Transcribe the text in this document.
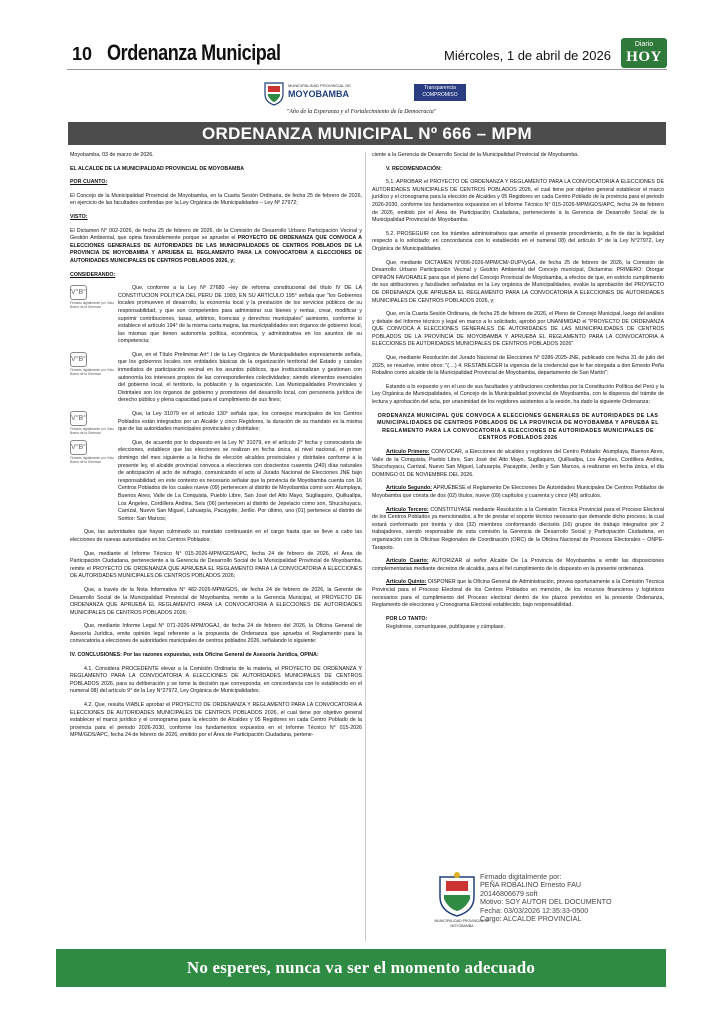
10 Ordenanza Municipal	Miércoles, 1 de abril de 2026
Diario
HOY
MUNICIPALIDAD PROVINCIAL DE
MOYOBAMBA
Transparencia
COMPROMISO
"Año de la Esperanza y el Fortalecimiento de la Democracia"
ORDENANZA MUNICIPAL Nº 666 – MPM

Moyobamba, 03 de marzo de 2026.

EL ALCALDE DE LA MUNICIPALIDAD PROVINCIAL DE MOYOBAMBA

POR CUANTO:

El Concejo de la Municipalidad Provincial de Moyobamba, en la Cuarta Sesión Ordinaria, de fecha 25 de febrero de 2026, en ejercicio de las facultades conferidas por la Ley Orgánica de Municipalidades – Ley Nº 27972;

VISTO:

El Dictamen N° 002-2026, de fecha 25 de febrero de 2026, de la Comisión de Desarrollo Urbano Participación Vecinal y Gestión Ambiental, que opina favorablemente porque se apruebe el PROYECTO DE ORDENANZA QUE CONVOCA A ELECCIONES GENERALES DE AUTORIDADES DE LAS MUNICIPALIDADES DE CENTROS POBLADOS DE LA PROVINCIA DE MOYOBAMBA Y APRUEBA EL REGLAMENTO PARA LA CONVOCATORIA A ELECCIONES DE AUTORIDADES MUNICIPALES DE CENTROS POBLADOS 2026, y;

CONSIDERANDO:

V°B°
Firmado digitalmente por Visto Bueno de la Gerencia
Que, conforme a la Ley Nº 27680 –ley de reforma constitucional del título IV DE LA CONSTITUCION POLITICA DEL PERU DE 1993, EN SU ARTICULO 195° señala que "los Gobiernos locales promueven el desarrollo, la economía local y la prestación de los servicios públicos de su responsabilidad, y que son competentes para administrar sus bienes y rentas, crear, modificar y suprimir contribuciones, tasas, arbitrios, licencias y derechos municipales" asimismo, conforme lo establece el artículo 194° de la misma carta magna, las municipalidades son órganos de gobierno local, las mismas que tienen autonomía política, económica, y administrativa en los asuntos de su competencia;

V°B°
Firmado digitalmente por Visto Bueno de la Gerencia
Que, en el Título Preliminar Art° I de la Ley Orgánica de Municipalidades expresamente señala, que los gobiernos locales son entidades básicas de la organización territorial del Estado y canales inmediatos de participación vecinal en los asuntos públicos, que institucionalizan y gestionan con autonomía los intereses propios de las correspondientes colectividades; siendo elementos esenciales del gobierno local, el territorio, la población y la organización. Las Municipalidades Provinciales y Distritales son los órganos de gobierno y promotores del desarrollo local, con personería jurídica de derecho público y plena capacidad para el cumplimiento de sus fines;

V°B°
Firmado digitalmente por Visto Bueno de la Gerencia
Que, la Ley 31079 en el artículo 130° señala que, los consejos municipales de los Centros Poblados están integrados por un Alcalde y cinco Regidores, la duración de su mandato es la misma que de las autoridades municipales provinciales y distritales;

V°B°
Firmado digitalmente por Visto Bueno de la Gerencia
Que, de acuerdo por lo dispuesto en la Ley N° 31079, en el artículo 2° fecha y convocatoria de elecciones, establece que las elecciones se realizan en fecha única, al nivel nacional, el primer domingo del mes siguiente a la fecha de elección alcaldes provinciales y distritales conforme a la presente ley, el alcalde provincial convoca a elecciones con doscientos cuarenta (240) días naturales de anticipación al acto de sufragio, comunicando el acto al Jurado Nacional de Elecciones JNE bajo responsabilidad; en este contexto es necesario señalar que la provincia de Moyobamba cuenta con 16 Centros Poblados de los cuales nueve (09) pertenecen al distrito de Moyobamba como son: Atumplaya, Buenos Aires, Valle de La Conquista, Pueblo Libre, San José del Alto Mayo, Sugllaquiro, Quilluallpa, Los Ángeles, Cordillera Andina. Seis (06) pertenecen al distrito de Jepelacio como son, Shucshuyacu, Carrizal, Nuevo San Miguel, Lahuarpía, Pacaypite, Jerillo. Por último, uno (01) pertenece al distrito de Soritor: San Marcos;

Que, las autoridades que hayan culminado su mandato continuarán en el cargo hasta que se lleve a cabo las elecciones de nuevas autoridades en los Centros Poblados;

Que, mediante el Informe Técnico N° 015-2026-MPM/GDS/APC, fecha 24 de febrero de 2026, el Área de Participación Ciudadana, perteneciente a la Gerencia de Desarrollo Social de la Municipalidad Provincial de Moyobamba, remite el PROYECTO DE ORDENANZA QUE APRUEBA EL REGLAMENTO PARA LA CONVOCATORIA A ELECCIONES DE AUTORIDADES MUNICIPALES DE CENTROS POBLADOS 2026;

Que, a través de la Nota Informativa N° 482-2026-MPM/GDS, de fecha 24 de febrero de 2026, la Gerente de Desarrollo Social de la Municipalidad Provincial de Moyobamba, remite a la Gerencia Municipal, el PROYECTO DE ORDENANZA QUE APRUEBA EL REGLAMENTO PARA LA CONVOCATORIA A ELECCIONES DE AUTORIDADES MUNICIPALES DE CENTROS POBLADOS 2026;

Que, mediante Informe Legal N° 071-2026-MPM/OGAJ, de fecha 24 de febrero del 2026, la Oficina General de Asesoría Jurídica, emite opinión legal referente a la propuesta de Ordenanza que aprueba el Reglamento para la convocatoria a elecciones de autoridades municipales de centros poblados 2026, señalando lo siguiente:

IV. CONCLUSIONES: Por las razones expuestas, esta Oficina General de Asesoría Jurídica, OPINA:

4.1. Considera PROCEDENTE elevar a la Comisión Ordinaria de la materia, el PROYECTO DE ORDENANZA Y REGLAMENTO PARA LA CONVOCATORIA A ELECCIONES DE AUTORIDADES MUNICIPALES DE CENTROS POBLADOS 2026, para su deliberación y se tome la decisión que corresponda; en concordancia con lo establecido en el numeral 08) del artículo 9° de la Ley N°27972, Ley Orgánica de Municipalidades.

4.2. Que, resulta VIABLE aprobar el PROYECTO DE ORDENANZA Y REGLAMENTO PARA LA CONVOCATORIA A ELECCIONES DE AUTORIDADES MUNICIPALES DE CENTROS POBLADOS 2026, el cual tiene por objetivo general establecer el marco jurídico y el cronograma para la elección de Alcaldes y 05 Regidores en cada Centro Poblado de la provincia para el periodo 2026-2030, conforme los fundamentos expuestos en el Informe Técnico N° 015-2026 MPM/GDS/APC, fecha 24 de febrero de 2026, emitido por el Área de Participación Ciudadana, pertene-

ciente a la Gerencia de Desarrollo Social de la Municipalidad Provincial de Moyobamba.

V. RECOMENDACIÓN:

5.1. APROBAR el PROYECTO DE ORDENANZA Y REGLAMENTO PARA LA CONVOCATORIA A ELECCIONES DE AUTORIDADES MUNICIPALES DE CENTROS POBLADOS 2026, el cual tiene por objetivo general establecer el marco jurídico y el cronograma para la elección de Alcaldes y 05 Regidores en cada Centro Poblado de la provincia para el periodo 2026-2030, conforme los fundamentos expuestos en el Informe Técnico N° 015-2026-MPM/GDS/APC, fecha 24 de febrero de 2026, emitido por el Área de Participación Ciudadana, perteneciente a la Gerencia de Desarrollo Social de la Municipalidad Provincial de Moyobamba.

5.2. PROSEGUIR con los trámites administrativos que amerite el presente procedimiento, a fin de dar la legalidad respecto a lo solicitado; en concordancia con lo establecido en el numeral 08) del artículo 9° de la Ley N°27972, Ley Orgánica de Municipalidades.

Que, mediante DICTAMEN N°006-2026-MPM/CM/-DUPVyGA, de fecha 25 de febrero de 2026, la Comisión de Desarrollo Urbano Participación Vecinal y Gestión Ambiental del Concejo municipal, Dictamina: PRIMERO: Otorgar OPINIÓN FAVORABLE para que el pleno del Concejo Provincial de Moyobamba, a efectos de que, en estricto cumplimiento de sus atribuciones y facultades señaladas en la Ley orgánica de Municipalidades, evalúe la aprobación del PROYECTO DE ORDENANZA QUE APRUEBA EL REGLAMENTO PARA LA CONVOCATORIA A ELECCIONES DE AUTORIDADES MUNICIPALES DE CENTROS POBLADOS 2026, y;

Que, en la Cuarta Sesión Ordinaria, de fecha 25 de febrero de 2026, el Pleno de Concejo Municipal, luego del análisis y debate del Informe técnico y legal en marco a lo solicitado, aprobó por UNANIMIDAD el "PROYECTO DE ORDENANZA QUE CONVOCA A ELECCIONES GENERALES DE AUTORIDADES DE LAS MUNICIPALIDADES DE CENTROS POBLADOS DE LA PROVINCIA DE MOYOBAMBA Y APRUEBA EL REGLAMENTO PARA LA CONVOCATORIA A ELECCIONES DE AUTORIDADES MUNICIPALES DE CENTROS POBLADOS 2026"

Que, mediante Resolución del Jurado Nacional de Elecciones N° 0286-2025-JNE, publicado con fecha 31 de julio del 2025, se resuelve, entre otros: "(....) 4. RESTABLECER la vigencia de la credencial que le fue otorgada a don Ernesto Peña Robalino como alcalde de la Municipalidad Provincial de Moyobamba, departamento de San Martín";

Estando a lo expuesto y en el uso de sus facultades y atribuciones conferidas por la Constitución Política del Perú y la Ley Orgánica de Municipalidades, el Concejo de la Municipalidad provincial de Moyobamba, con la dispensa del trámite de lectura y aprobación del acta, por unanimidad de los regidores asistentes a la sesión, ha dado la siguiente Ordenanza:

ORDENANZA MUNICIPAL QUE CONVOCA A ELECCIONES GENERALES DE AUTORIDADES DE LAS MUNICIPALIDADES DE CENTROS POBLADOS DE LA PROVINCIA DE MOYOBAMBA Y APRUEBA EL REGLAMENTO PARA LA CONVOCATORIA A ELECCIONES DE AUTORIDADES MUNICIPALES DE CENTROS POBLADOS 2026

Artículo Primero: CONVOCAR, a Elecciones de alcaldes y regidores del Centro Poblado: Atumplaya, Buenos Aires, Valle de la Conquista, Pueblo Libre, San José del Alto Mayo, Sugllaquiro, Quilluallpa, Los Ángeles, Cordillera Andina, Shucshuyacu, Carrizal, Nuevo San Miguel, Lahuarpía, Pacaypite, Jerillo y San Marcos, a realizarse en fecha única, el día DOMINGO 01 DE NOVIEMBRE DEL 2026.

Artículo Segundo: APRUÉBESE el Reglamento De Elecciones De Autoridades Municipales De Centros Poblados de Moyobamba que consta de dos (02) títulos, nueve (09) capítulos y cuarenta y cinco (45) artículos.

Artículo Tercero: CONSTITUYASE mediante Resolución a la Comisión Técnica Provincial para el Proceso Electoral de los Centros Poblados ya mencionados, a fin de prestar el soporte técnico necesario que demande dicho proceso, la cual estará conformado por treinta y dos (32) miembros conformando dieciséis (16) grupos de trabajo integrados por 2 trabajadores, siendo responsable de esta comisión la Gerencia de Desarrollo Social y Participación Ciudadana, en organización con la Oficinas Regionales de Coordinación (ORC) de la Oficina Nacional de Procesos Electorales – ONPE-Tarapoto.

Artículo Cuarto: AUTORIZAR al señor Alcalde De La Provincia de Moyobamba a emitir las disposiciones complementarias mediante decretos de alcaldía, para el fiel cumplimiento de lo dispuesto en la presente ordenanza.

Artículo Quinto: DISPONER que la Oficina General de Administración, provea oportunamente a la Comisión Técnica Provincial para el Proceso Electoral de los Centros Poblados en mención, de los recursos financieros y logísticos necesarios para el cumplimiento del Proceso electoral dentro de los plazos previstos en la presente Ordenanza, Reglamento de elecciones y Cronograma Electoral establecido, bajo responsabilidad.

POR LO TANTO:

Regístrese, comuníquese, publíquese y cúmplase.

MUNICIPALIDAD PROVINCIAL DE MOYOBAMBA
Firmado digitalmente por:
PEÑA ROBALINO Ernesto FAU
20146806679 soft
Motivo: SOY AUTOR DEL DOCUMENTO
Fecha: 03/03/2026 12:35:33-0500
Cargo: ALCALDE PROVINCIAL
No esperes, nunca va ser el momento adecuado
